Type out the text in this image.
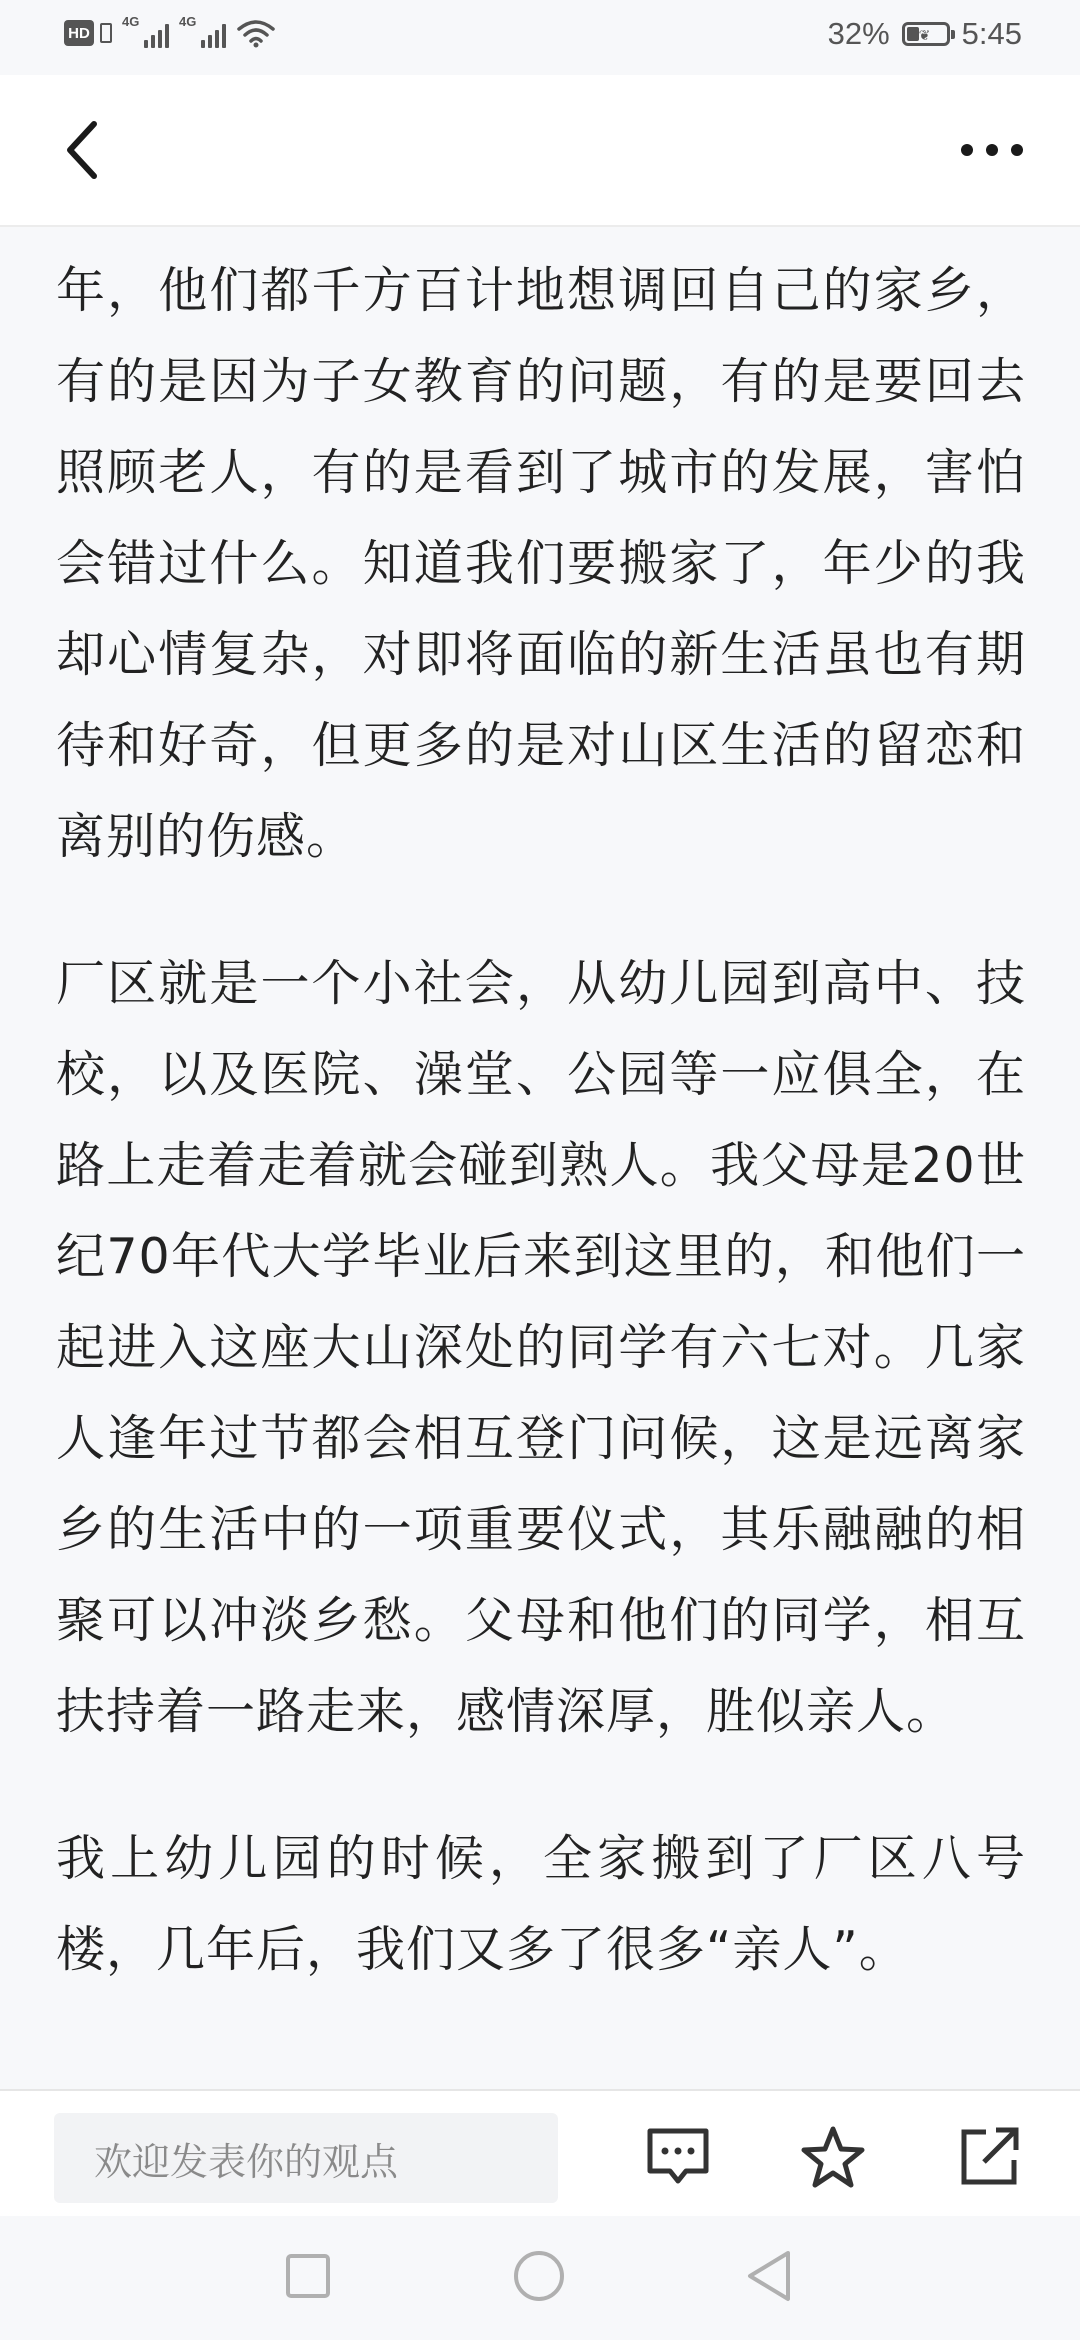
HD
4G	4G	32% ❦ 5:45

年，他们都千方百计地想调回自己的家乡，有的是因为子女教育的问题，有的是要回去照顾老人，有的是看到了城市的发展，害怕会错过什么。知道我们要搬家了，年少的我却心情复杂，对即将面临的新生活虽也有期待和好奇，但更多的是对山区生活的留恋和离别的伤感。

厂区就是一个小社会，从幼儿园到高中、技校，以及医院、澡堂、公园等一应俱全，在路上走着走着就会碰到熟人。我父母是20世纪70年代大学毕业后来到这里的，和他们一起进入这座大山深处的同学有六七对。几家人逢年过节都会相互登门问候，这是远离家乡的生活中的一项重要仪式，其乐融融的相聚可以冲淡乡愁。父母和他们的同学，相互扶持着一路走来，感情深厚，胜似亲人。

我上幼儿园的时候，全家搬到了厂区八号楼，几年后，我们又多了很多“亲人”。

欢迎发表你的观点
